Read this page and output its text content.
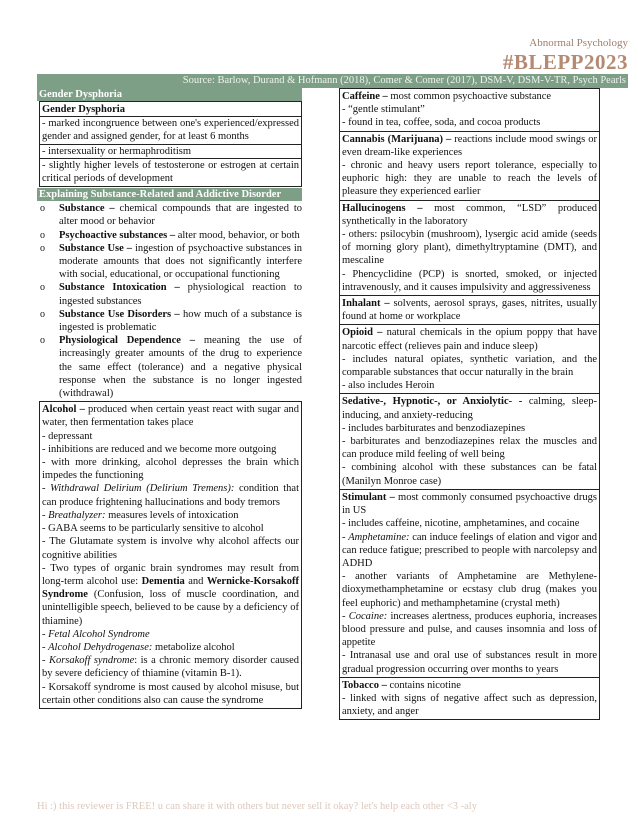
Abnormal Psychology
#BLEPP2023
Source: Barlow, Durand & Hofmann (2018), Comer & Comer (2017), DSM-V, DSM-V-TR, Psych Pearls
Gender Dysphoria
Gender Dysphoria

- marked incongruence between one's experienced/expressed gender and assigned gender, for at least 6 months

- intersexuality or hermaphroditism

- slightly higher levels of testosterone or estrogen at certain critical periods of development

Explaining Substance-Related and Addictive Disorder
o Substance – chemical compounds that are ingested to alter mood or behavior
o Psychoactive substances – alter mood, behavior, or both
o Substance Use – ingestion of psychoactive substances in moderate amounts that does not significantly interfere with social, educational, or occupational functioning
o Substance Intoxication – physiological reaction to ingested substances
o Substance Use Disorders – how much of a substance is ingested is problematic
o Physiological Dependence – meaning the use of increasingly greater amounts of the drug to experience the same effect (tolerance) and a negative physical response when the substance is no longer ingested (withdrawal)

Alcohol – produced when certain yeast react with sugar and water, then fermentation takes place

- depressant

- inhibitions are reduced and we become more outgoing

- with more drinking, alcohol depresses the brain which impedes the functioning

- Withdrawal Delirium (Delirium Tremens): condition that can produce frightening hallucinations and body tremors

- Breathalyzer: measures levels of intoxication

- GABA seems to be particularly sensitive to alcohol

- The Glutamate system is involve why alcohol affects our cognitive abilities

- Two types of organic brain syndromes may result from long-term alcohol use: Dementia and Wernicke-Korsakoff Syndrome (Confusion, loss of muscle coordination, and unintelligible speech, believed to be cause by a deficiency of thiamine)

- Fetal Alcohol Syndrome

- Alcohol Dehydrogenase: metabolize alcohol

- Korsakoff syndrome: is a chronic memory disorder caused by severe deficiency of thiamine (vitamin B-1).

- Korsakoff syndrome is most caused by alcohol misuse, but certain other conditions also can cause the syndrome

Caffeine – most common psychoactive substance

- “gentle stimulant”

- found in tea, coffee, soda, and cocoa products

Cannabis (Marijuana) – reactions include mood swings or even dream-like experiences

- chronic and heavy users report tolerance, especially to euphoric high: they are unable to reach the levels of pleasure they experienced earlier

Hallucinogens – most common, “LSD” produced synthetically in the laboratory

- others: psilocybin (mushroom), lysergic acid amide (seeds of morning glory plant), dimethyltryptamine (DMT), and mescaline

- Phencyclidine (PCP) is snorted, smoked, or injected intravenously, and it causes impulsivity and aggressiveness

Inhalant – solvents, aerosol sprays, gases, nitrites, usually found at home or workplace

Opioid – natural chemicals in the opium poppy that have narcotic effect (relieves pain and induce sleep)

- includes natural opiates, synthetic variation, and the comparable substances that occur naturally in the brain

- also includes Heroin

Sedative-, Hypnotic-, or Anxiolytic- - calming, sleep-inducing, and anxiety-reducing

- includes barbiturates and benzodiazepines

- barbiturates and benzodiazepines relax the muscles and can produce mild feeling of well being

- combining alcohol with these substances can be fatal (Manilyn Monroe case)

Stimulant – most commonly consumed psychoactive drugs in US

- includes caffeine, nicotine, amphetamines, and cocaine

- Amphetamine: can induce feelings of elation and vigor and can reduce fatigue; prescribed to people with narcolepsy and ADHD

- another variants of Amphetamine are Methylene-dioxymethamphetamine or ecstasy club drug (makes you feel euphoric) and methamphetamine (crystal meth)

- Cocaine: increases alertness, produces euphoria, increases blood pressure and pulse, and causes insomnia and loss of appetite

- Intranasal use and oral use of substances result in more gradual progression occurring over months to years

Tobacco – contains nicotine

- linked with signs of negative affect such as depression, anxiety, and anger

Hi :) this reviewer is FREE! u can share it with others but never sell it okay? let's help each other <3 -aly
